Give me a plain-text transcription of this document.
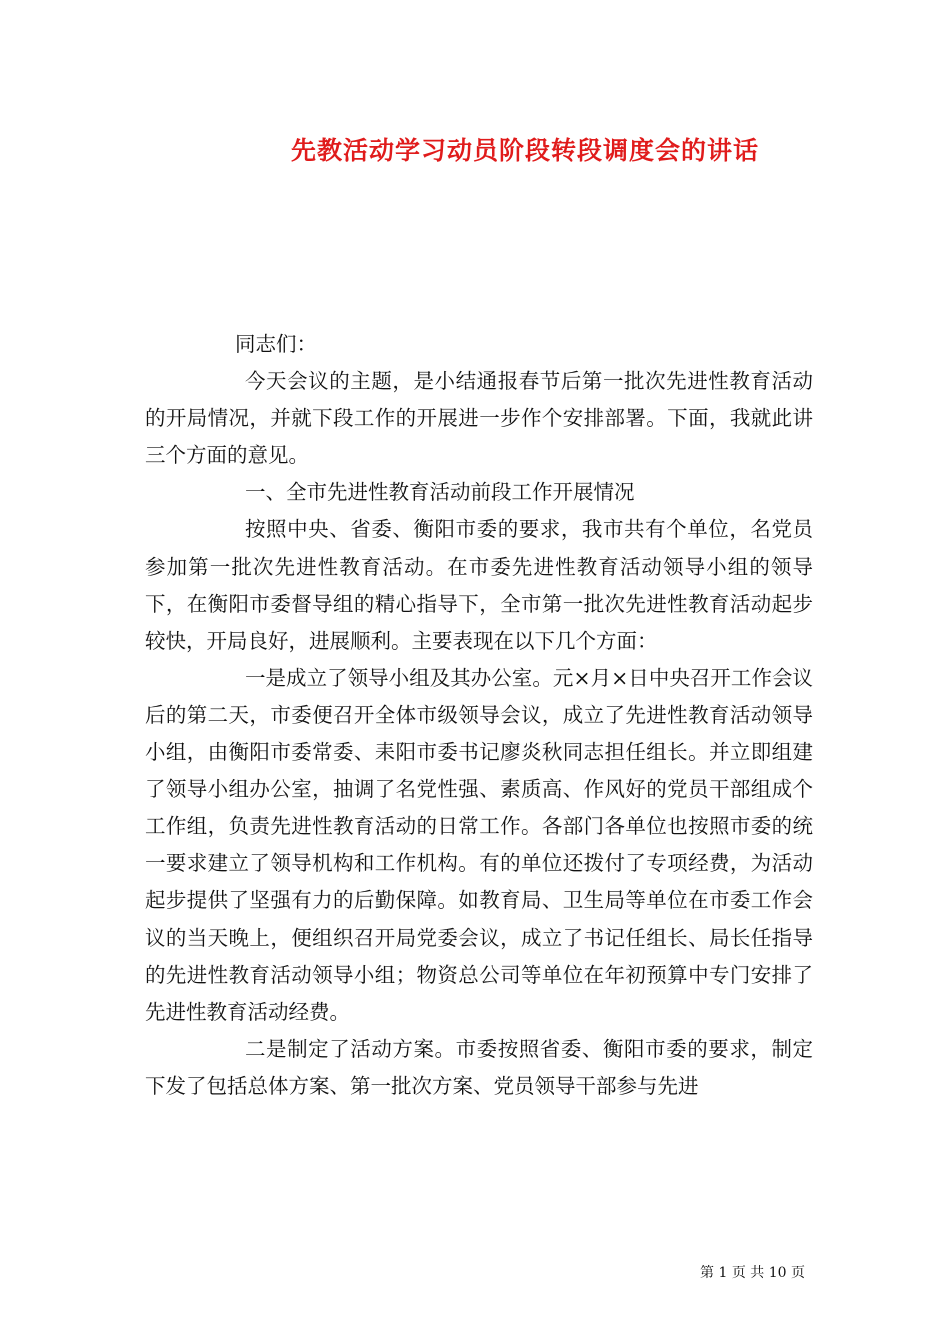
先教活动学习动员阶段转段调度会的讲话

同志们：

今天会议的主题，是小结通报春节后第一批次先进性教育活动的开局情况，并就下段工作的开展进一步作个安排部署。下面，我就此讲三个方面的意见。

一、全市先进性教育活动前段工作开展情况

按照中央、省委、衡阳市委的要求，我市共有个单位，名党员参加第一批次先进性教育活动。在市委先进性教育活动领导小组的领导下，在衡阳市委督导组的精心指导下，全市第一批次先进性教育活动起步较快，开局良好，进展顺利。主要表现在以下几个方面：

一是成立了领导小组及其办公室。元×月×日中央召开工作会议后的第二天，市委便召开全体市级领导会议，成立了先进性教育活动领导小组，由衡阳市委常委、耒阳市委书记廖炎秋同志担任组长。并立即组建了领导小组办公室，抽调了名党性强、素质高、作风好的党员干部组成个工作组，负责先进性教育活动的日常工作。各部门各单位也按照市委的统一要求建立了领导机构和工作机构。有的单位还拨付了专项经费，为活动起步提供了坚强有力的后勤保障。如教育局、卫生局等单位在市委工作会议的当天晚上，便组织召开局党委会议，成立了书记任组长、局长任指导的先进性教育活动领导小组；物资总公司等单位在年初预算中专门安排了先进性教育活动经费。

二是制定了活动方案。市委按照省委、衡阳市委的要求，制定下发了包括总体方案、第一批次方案、党员领导干部参与先进

第 1 页 共 10 页
